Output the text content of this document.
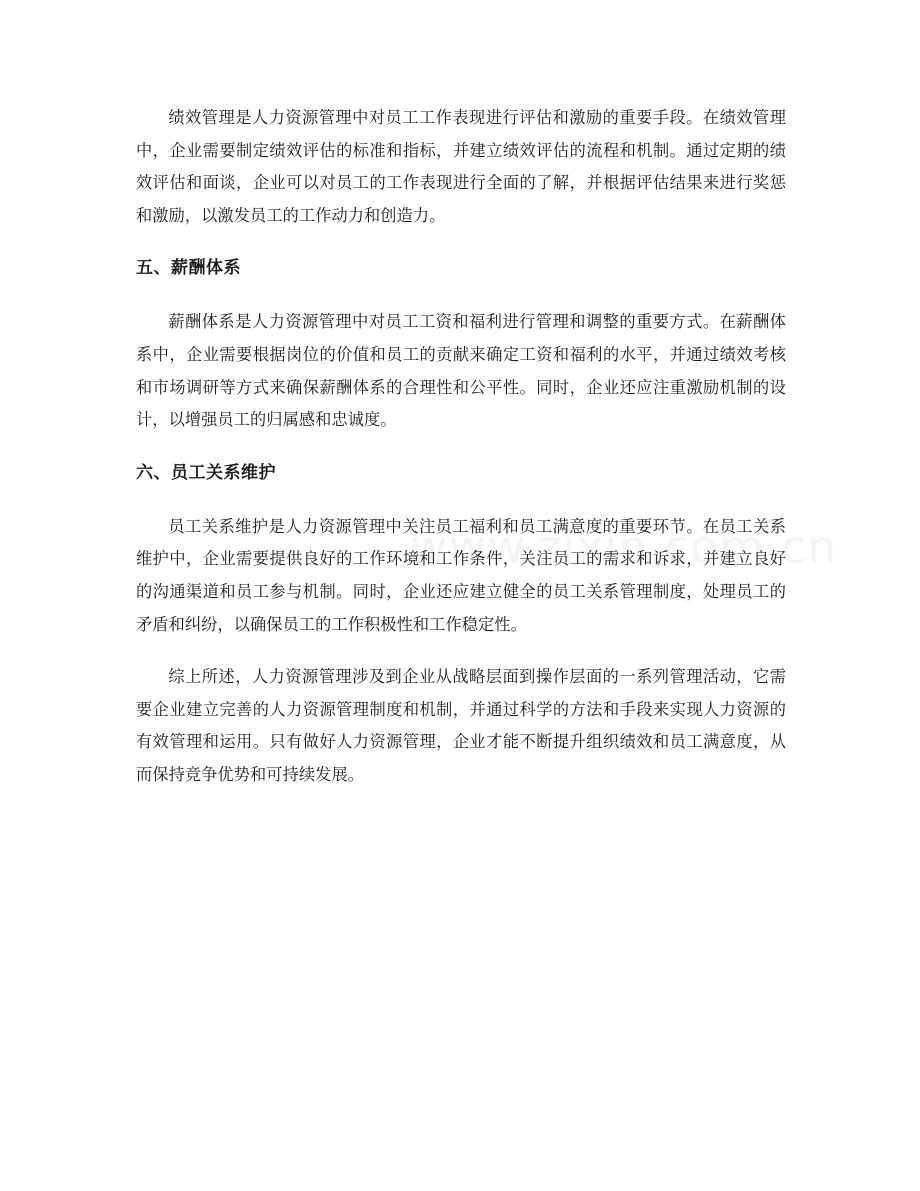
绩效管理是人力资源管理中对员工工作表现进行评估和激励的重要手段。在绩效管理中，企业需要制定绩效评估的标准和指标，并建立绩效评估的流程和机制。通过定期的绩效评估和面谈，企业可以对员工的工作表现进行全面的了解，并根据评估结果来进行奖惩和激励，以激发员工的工作动力和创造力。

五、薪酬体系

薪酬体系是人力资源管理中对员工工资和福利进行管理和调整的重要方式。在薪酬体系中，企业需要根据岗位的价值和员工的贡献来确定工资和福利的水平，并通过绩效考核和市场调研等方式来确保薪酬体系的合理性和公平性。同时，企业还应注重激励机制的设计，以增强员工的归属感和忠诚度。

六、员工关系维护

员工关系维护是人力资源管理中关注员工福利和员工满意度的重要环节。在员工关系维护中，企业需要提供良好的工作环境和工作条件，关注员工的需求和诉求，并建立良好的沟通渠道和员工参与机制。同时，企业还应建立健全的员工关系管理制度，处理员工的矛盾和纠纷，以确保员工的工作积极性和工作稳定性。

综上所述，人力资源管理涉及到企业从战略层面到操作层面的一系列管理活动，它需要企业建立完善的人力资源管理制度和机制，并通过科学的方法和手段来实现人力资源的有效管理和运用。只有做好人力资源管理，企业才能不断提升组织绩效和员工满意度，从而保持竞争优势和可持续发展。
